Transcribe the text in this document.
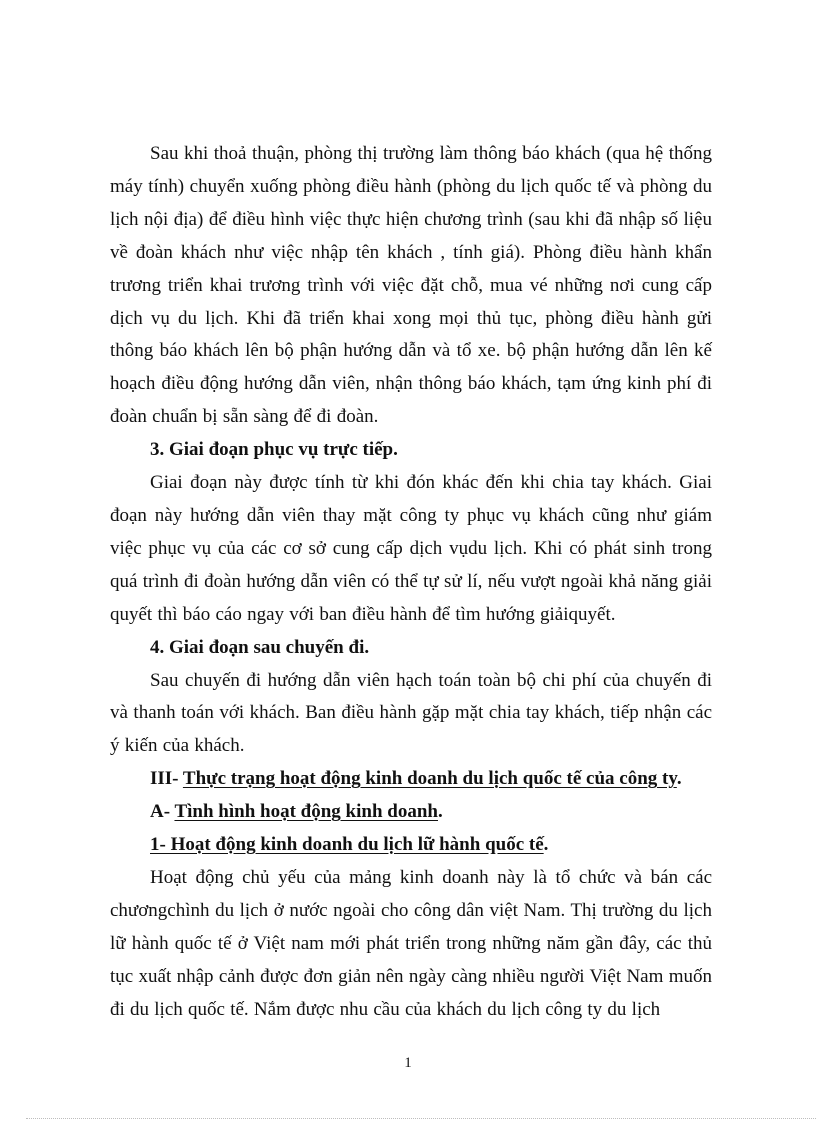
Sau khi thoả thuận, phòng thị trường làm thông báo khách (qua hệ thống máy tính) chuyển xuống phòng điều hành (phòng du lịch quốc tế và phòng du lịch nội địa) để điều hình việc thực hiện chương trình (sau khi đã nhập số liệu về đoàn khách như việc nhập tên khách , tính giá). Phòng điều hành khẩn trương triển khai trương trình với việc đặt chỗ, mua vé những nơi cung cấp dịch vụ du lịch. Khi đã triển khai xong mọi thủ tục, phòng điều hành gửi thông báo khách lên bộ phận hướng dẫn và tổ xe. bộ phận hướng dẫn lên kế hoạch điều động hướng dẫn viên, nhận thông báo khách, tạm ứng kinh phí đi đoàn chuẩn bị sẵn sàng để đi đoàn.

3. Giai đoạn phục vụ trực tiếp.

Giai đoạn này được tính từ khi đón khác đến khi chia tay khách. Giai đoạn này hướng dẫn viên thay mặt công ty phục vụ khách cũng như giám việc phục vụ của các cơ sở cung cấp dịch vụdu lịch. Khi có phát sinh trong quá trình đi đoàn hướng dẫn viên có thể tự sử lí, nếu vượt ngoài khả năng giải quyết thì báo cáo ngay với ban điều hành để tìm hướng giảiquyết.

4. Giai đoạn sau chuyến đi.

Sau chuyến đi hướng dẫn viên hạch toán toàn bộ chi phí của chuyến đi và thanh toán với khách. Ban điều hành gặp mặt chia tay khách, tiếp nhận các ý kiến của khách.

III- Thực trạng hoạt động kinh doanh du lịch quốc tế của công ty.

A- Tình hình hoạt động kinh doanh.

1- Hoạt động kinh doanh du lịch lữ hành quốc tế.

Hoạt động chủ yếu của mảng kinh doanh này là tổ chức và bán các chươngchình du lịch ở nước ngoài cho công dân việt Nam. Thị trường du lịch lữ hành quốc tế ở Việt nam mới phát triển trong những năm gần đây, các thủ tục xuất nhập cảnh được đơn giản nên ngày càng nhiều người Việt Nam muốn đi du lịch quốc tế. Nắm được nhu cầu của khách du lịch công ty du lịch

1
